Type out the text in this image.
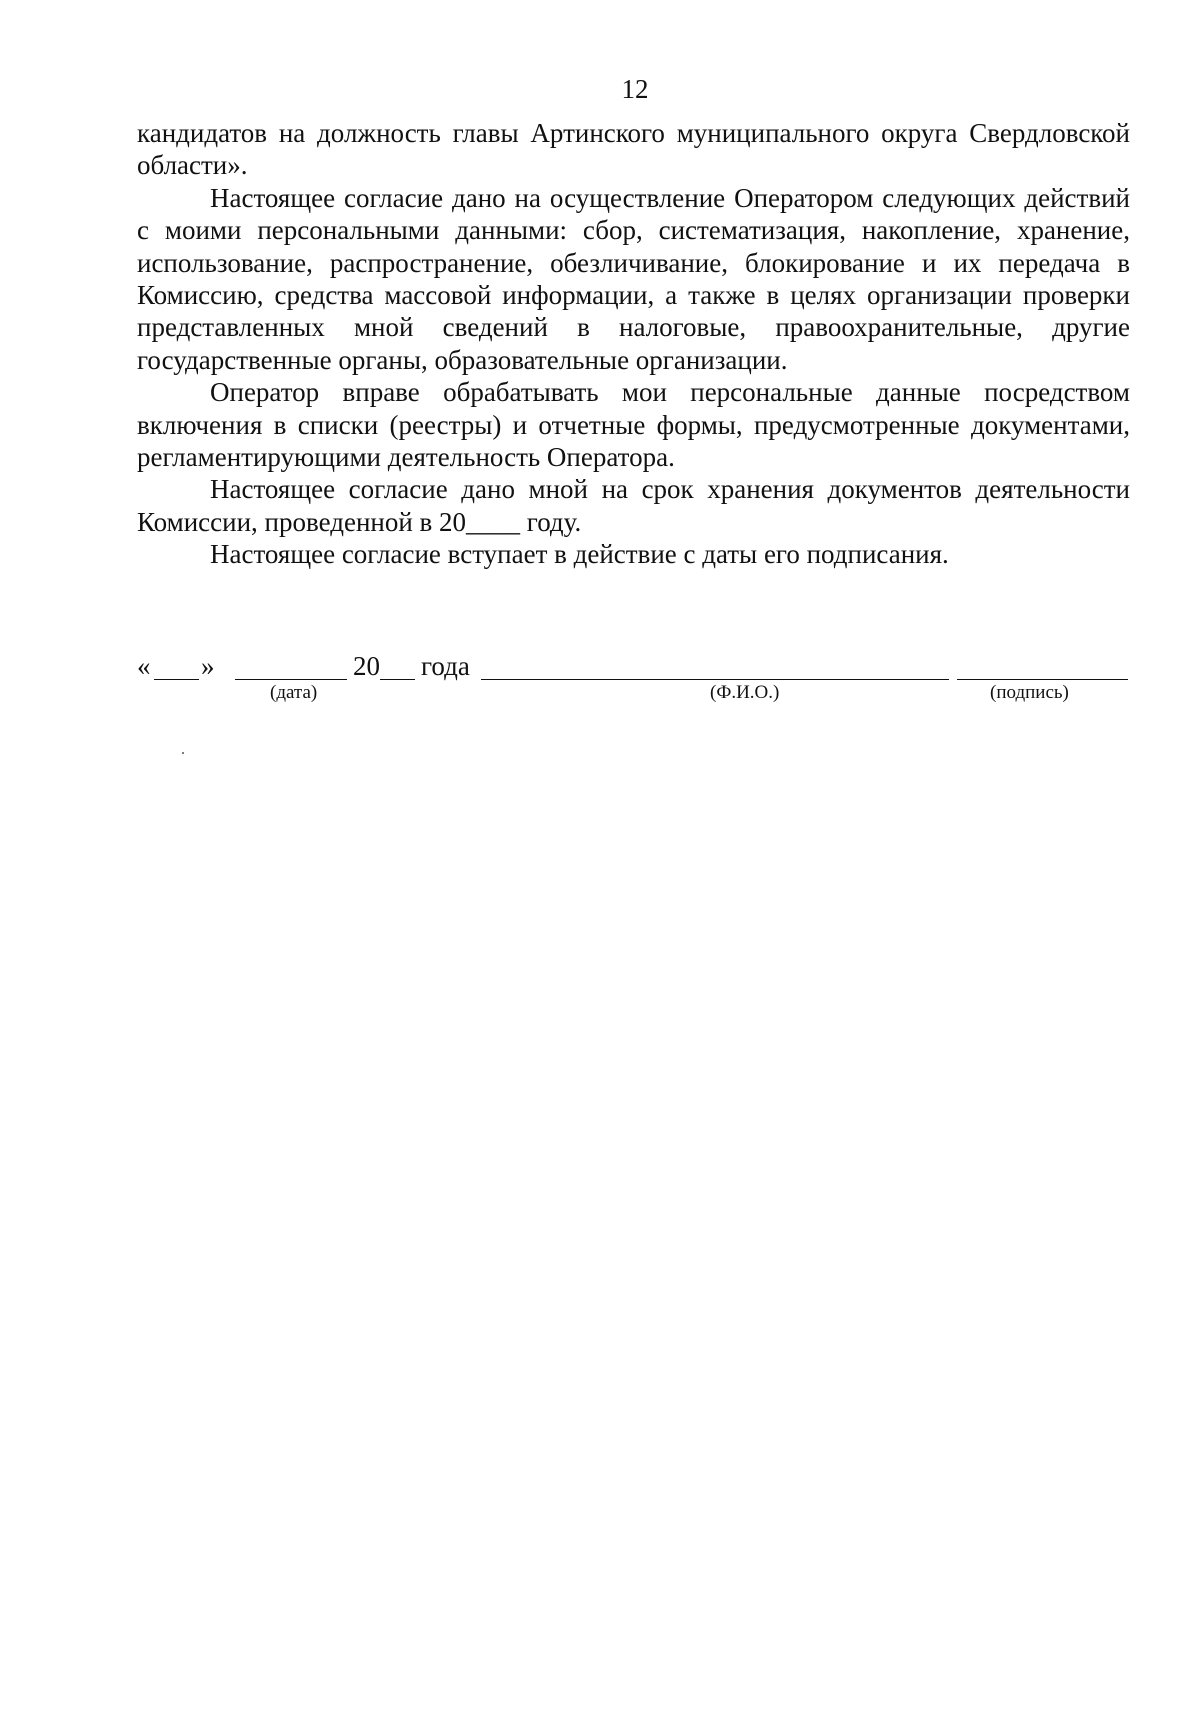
12

кандидатов на должность главы Артинского муниципального округа Свердловской области».

Настоящее согласие дано на осуществление Оператором следующих действий с моими персональными данными: сбор, систематизация, накопление, хранение, использование, распространение, обезличивание, блокирование и их передача в Комиссию, средства массовой информации, а также в целях организации проверки представленных мной сведений в налоговые, правоохранительные, другие государственные органы, образовательные организации.

Оператор вправе обрабатывать мои персональные данные посредством включения в списки (реестры) и отчетные формы, предусмотренные документами, регламентирующими деятельность Оператора.

Настоящее согласие дано мной на срок хранения документов деятельности Комиссии, проведенной в 20____ году.

Настоящее согласие вступает в действие с даты его подписания.

« »	20 года
(дата)	(Ф.И.О.)	(подпись)
